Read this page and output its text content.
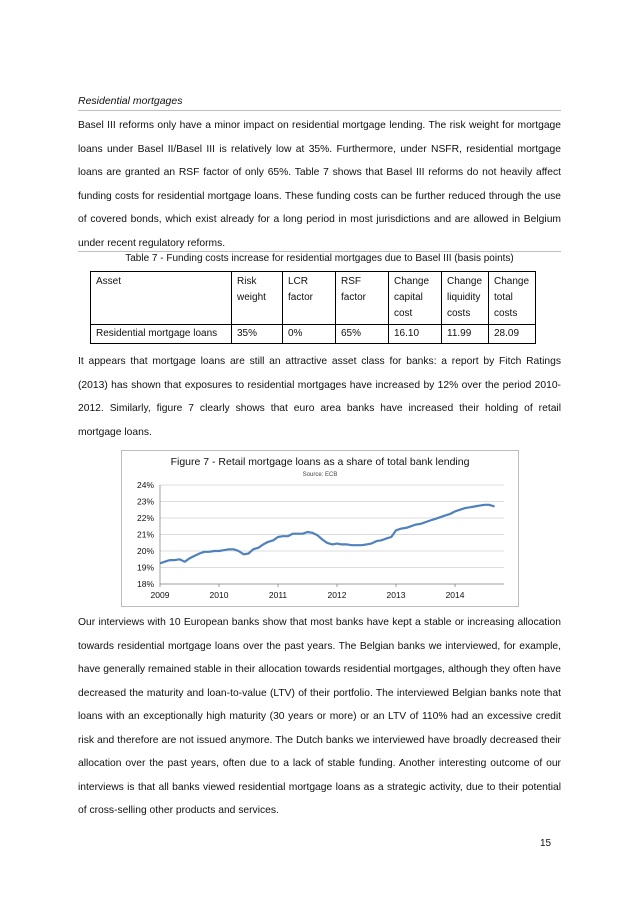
Residential mortgages

Basel III reforms only have a minor impact on residential mortgage lending. The risk weight for mortgage loans under Basel II/Basel III is relatively low at 35%. Furthermore, under NSFR, residential mortgage loans are granted an RSF factor of only 65%. Table 7 shows that Basel III reforms do not heavily affect funding costs for residential mortgage loans. These funding costs can be further reduced through the use of covered bonds, which exist already for a long period in most jurisdictions and are allowed in Belgium under recent regulatory reforms.

Table 7 - Funding costs increase for residential mortgages due to Basel III (basis points)
Asset	Risk weight	LCR factor	RSF factor	Change capital cost	Change liquidity costs	Change total costs
Residential mortgage loans	35%	0%	65%	16.10	11.99	28.09

It appears that mortgage loans are still an attractive asset class for banks: a report by Fitch Ratings (2013) has shown that exposures to residential mortgages have increased by 12% over the period 2010-2012. Similarly, figure 7 clearly shows that euro area banks have increased their holding of retail mortgage loans.

Figure 7 - Retail mortgage loans as a share of total bank lending
Source: ECB
24%
23%
22%
21%
20%
19%
18%
2009	2010	2011	2012	2013	2014

Our interviews with 10 European banks show that most banks have kept a stable or increasing allocation towards residential mortgage loans over the past years. The Belgian banks we interviewed, for example, have generally remained stable in their allocation towards residential mortgages, although they often have decreased the maturity and loan-to-value (LTV) of their portfolio. The interviewed Belgian banks note that loans with an exceptionally high maturity (30 years or more) or an LTV of 110% had an excessive credit risk and therefore are not issued anymore. The Dutch banks we interviewed have broadly decreased their allocation over the past years, often due to a lack of stable funding. Another interesting outcome of our interviews is that all banks viewed residential mortgage loans as a strategic activity, due to their potential of cross-selling other products and services.

15
